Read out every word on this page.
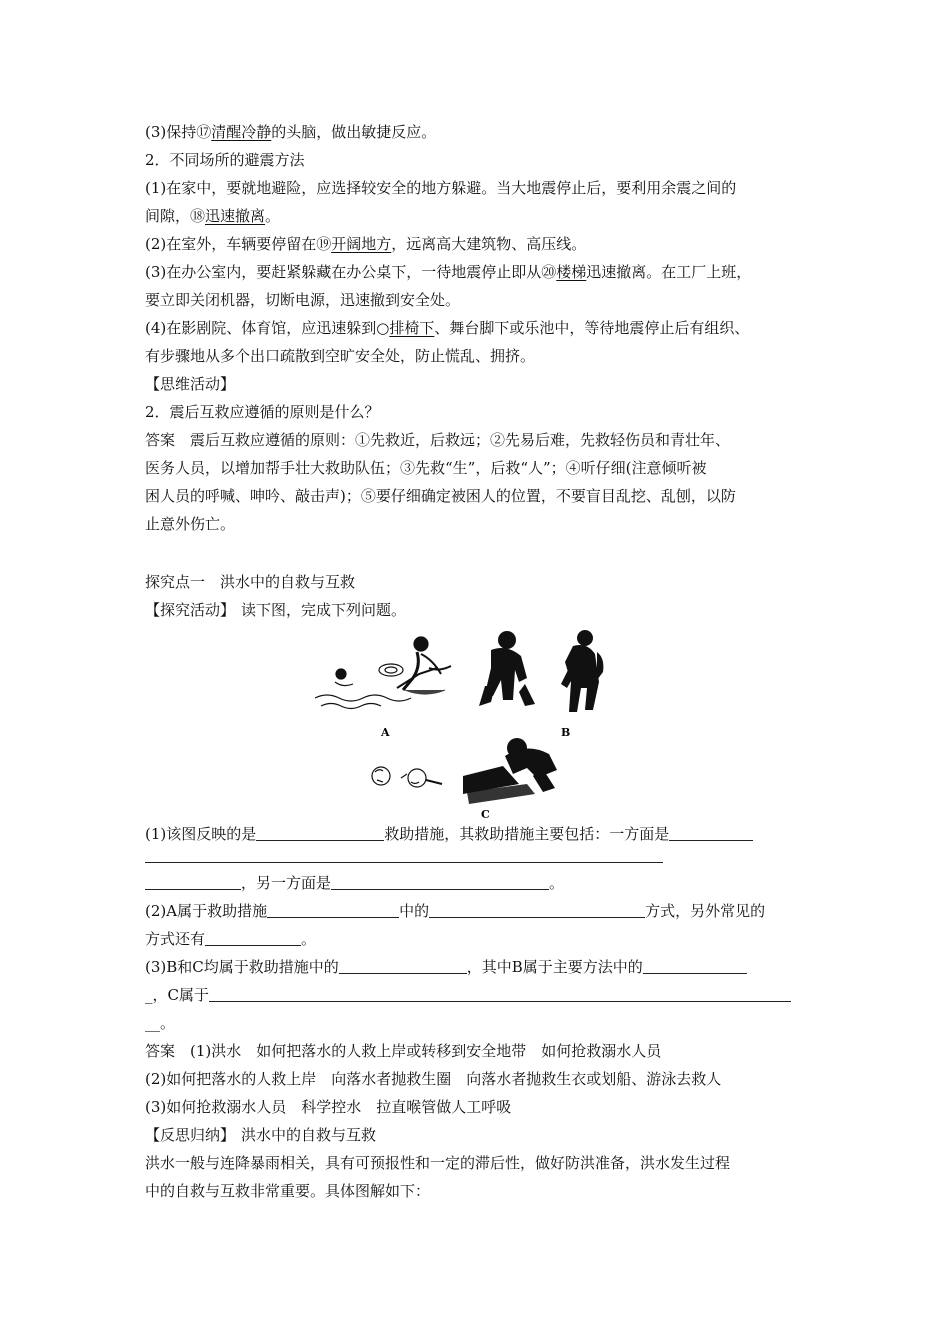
(3)保持⑰清醒冷静的头脑，做出敏捷反应。
2．不同场所的避震方法
(1)在家中，要就地避险，应选择较安全的地方躲避。当大地震停止后，要利用余震之间的
间隙，⑱迅速撤离。
(2)在室外，车辆要停留在⑲开阔地方，远离高大建筑物、高压线。
(3)在办公室内，要赶紧躲藏在办公桌下，一待地震停止即从⑳楼梯迅速撤离。在工厂上班，
要立即关闭机器，切断电源，迅速撤到安全处。
(4)在影剧院、体育馆，应迅速躲到○排椅下、舞台脚下或乐池中，等待地震停止后有组织、
有步骤地从多个出口疏散到空旷安全处，防止慌乱、拥挤。
【思维活动】
2．震后互救应遵循的原则是什么？
答案　震后互救应遵循的原则：①先救近，后救远；②先易后难，先救轻伤员和青壮年、
医务人员，以增加帮手壮大救助队伍；③先救“生”，后救“人”；④听仔细(注意倾听被
困人员的呼喊、呻吟、敲击声)；⑤要仔细确定被困人的位置，不要盲目乱挖、乱刨，以防
止意外伤亡。
探究点一　洪水中的自救与互救
【探究活动】 读下图，完成下列问题。
A	B
C
(1)该图反映的是	救助措施，其救助措施主要包括：一方面是
，另一方面是	。
(2)A属于救助措施	中的	方式，另外常见的
方式还有	。
(3)B和C均属于救助措施中的	，其中B属于主要方法中的
_，C属于
__。
答案　(1)洪水　如何把落水的人救上岸或转移到安全地带　如何抢救溺水人员
(2)如何把落水的人救上岸　向落水者抛救生圈　向落水者抛救生衣或划船、游泳去救人
(3)如何抢救溺水人员　科学控水　拉直喉管做人工呼吸
【反思归纳】 洪水中的自救与互救
洪水一般与连降暴雨相关，具有可预报性和一定的滞后性，做好防洪准备，洪水发生过程
中的自救与互救非常重要。具体图解如下：
